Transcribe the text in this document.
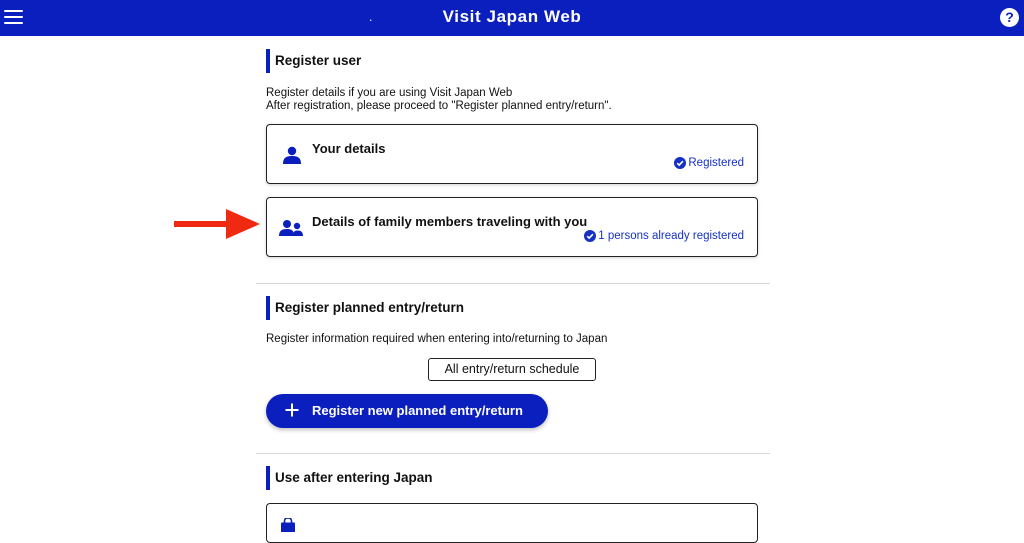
.	Visit Japan Web	?
Register user
Register details if you are using Visit Japan Web
After registration, please proceed to "Register planned entry/return".
Your details
Registered
Details of family members traveling with you
1 persons already registered
Register planned entry/return
Register information required when entering into/returning to Japan
All entry/return schedule
Register new planned entry/return
Use after entering Japan
